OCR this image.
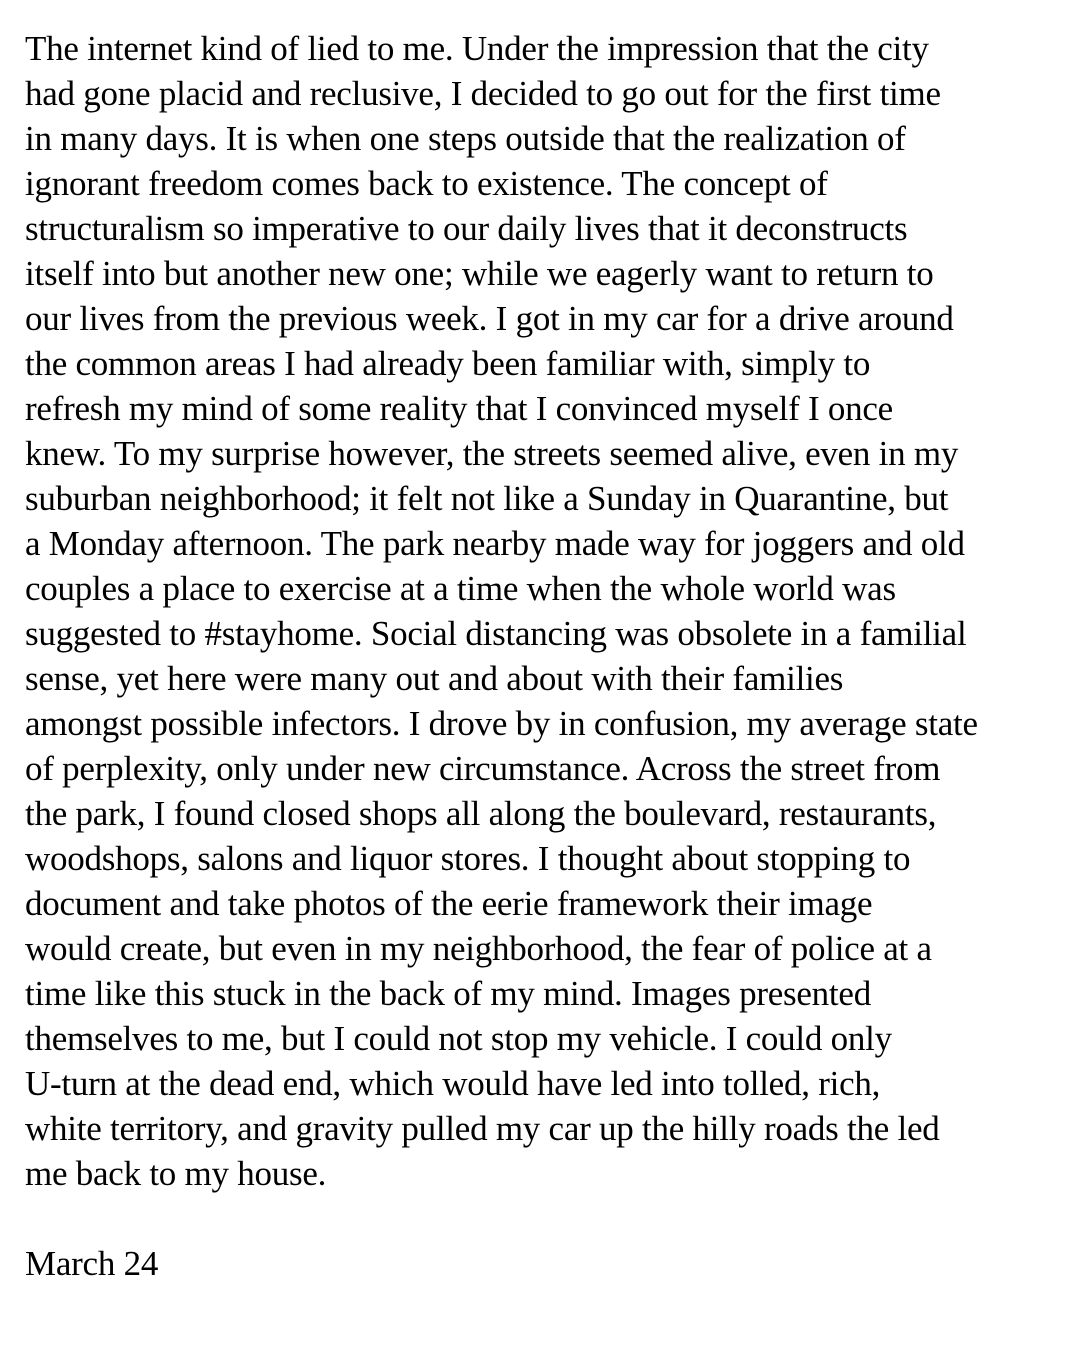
The internet kind of lied to me. Under the impression that the city
had gone placid and reclusive, I decided to go out for the first time
in many days. It is when one steps outside that the realization of
ignorant freedom comes back to existence. The concept of
structuralism so imperative to our daily lives that it deconstructs
itself into but another new one; while we eagerly want to return to
our lives from the previous week. I got in my car for a drive around
the common areas I had already been familiar with, simply to
refresh my mind of some reality that I convinced myself I once
knew. To my surprise however, the streets seemed alive, even in my
suburban neighborhood; it felt not like a Sunday in Quarantine, but
a Monday afternoon. The park nearby made way for joggers and old
couples a place to exercise at a time when the whole world was
suggested to #stayhome. Social distancing was obsolete in a familial
sense, yet here were many out and about with their families
amongst possible infectors. I drove by in confusion, my average state
of perplexity, only under new circumstance. Across the street from
the park, I found closed shops all along the boulevard, restaurants,
woodshops, salons and liquor stores. I thought about stopping to
document and take photos of the eerie framework their image
would create, but even in my neighborhood, the fear of police at a
time like this stuck in the back of my mind. Images presented
themselves to me, but I could not stop my vehicle. I could only
U-turn at the dead end, which would have led into tolled, rich,
white territory, and gravity pulled my car up the hilly roads the led
me back to my house.
March 24
